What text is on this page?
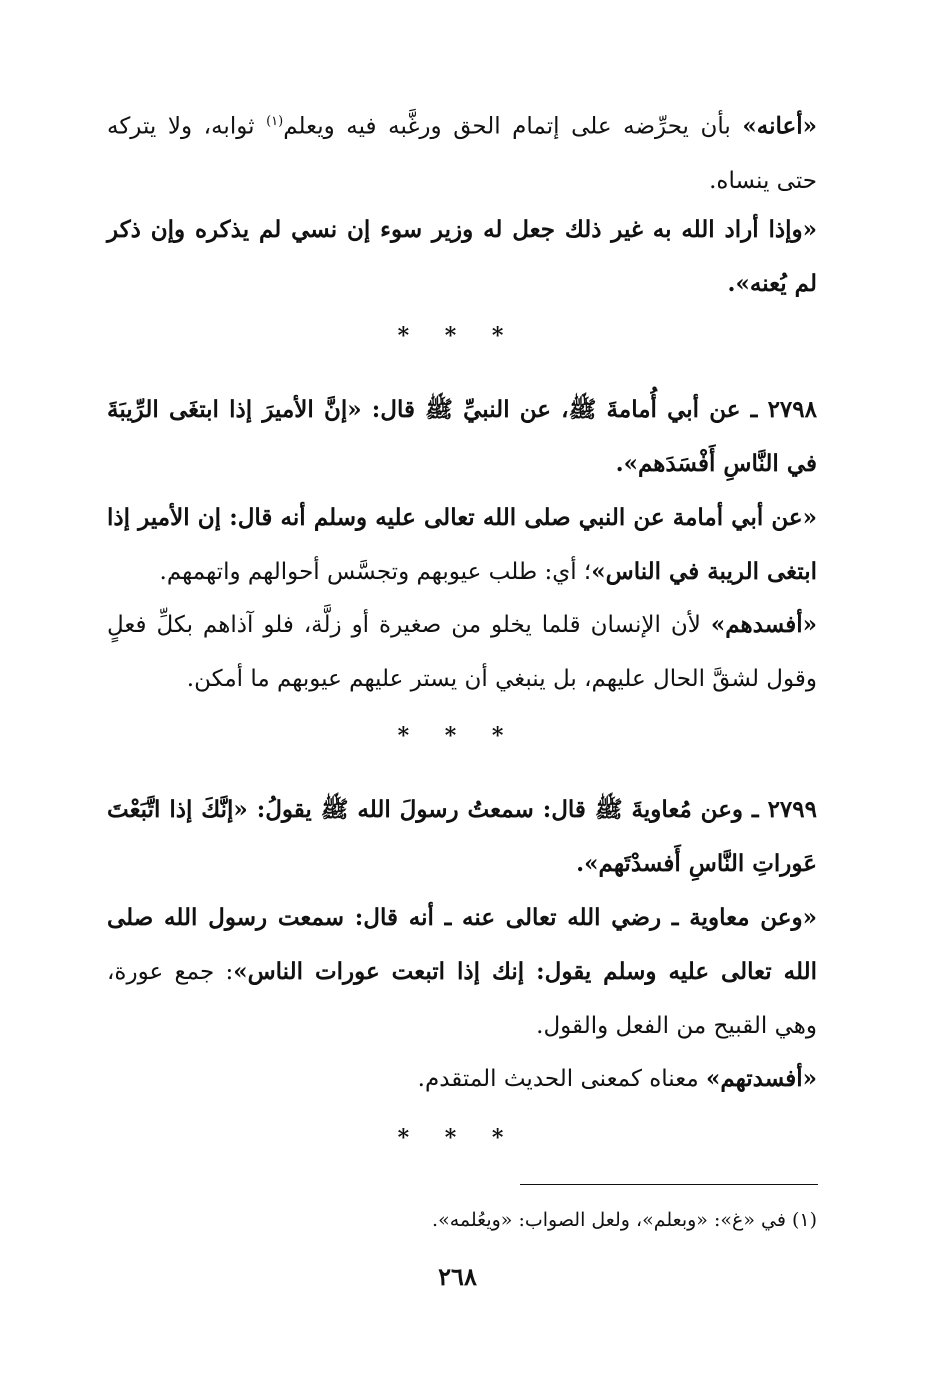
«أعانه» بأن يحرِّضه على إتمام الحق ورغَّبه فيه ويعلم$^{(١)}$ ثوابه، ولا يتركه حتى ينساه.
«وإذا أراد الله به غير ذلك جعل له وزير سوء إن نسي لم يذكره وإن ذكر لم يُعنه».
* * *
٢٧٩٨ ـ عن أبي أُمامةَ ﷺ، عن النبيِّ ﷺ قال: «إنَّ الأميرَ إذا ابتغَى الرِّيبَةَ في النَّاسِ أَفْسَدَهم».
«عن أبي أمامة عن النبي صلى الله تعالى عليه وسلم أنه قال: إن الأمير إذا ابتغى الريبة في الناس»؛ أي: طلب عيوبهم وتجسَّس أحوالهم واتهمهم.
«أفسدهم» لأن الإنسان قلما يخلو من صغيرة أو زلَّة، فلو آذاهم بكلِّ فعلٍ وقول لشقَّ الحال عليهم، بل ينبغي أن يستر عليهم عيوبهم ما أمكن.
* * *
٢٧٩٩ ـ وعن مُعاويةَ ﷺ قال: سمعتُ رسولَ الله ﷺ يقولُ: «إنَّكَ إذا اتَّبَعْتَ عَوراتِ النَّاسِ أَفسدْتَهم».
«وعن معاوية ـ رضي الله تعالى عنه ـ أنه قال: سمعت رسول الله صلى الله تعالى عليه وسلم يقول: إنك إذا اتبعت عورات الناس»: جمع عورة، وهي القبيح من الفعل والقول.
«أفسدتهم» معناه كمعنى الحديث المتقدم.
* * *
(١) في «غ»: «وبعلم»، ولعل الصواب: «ويعُلمه».
٢٦٨
